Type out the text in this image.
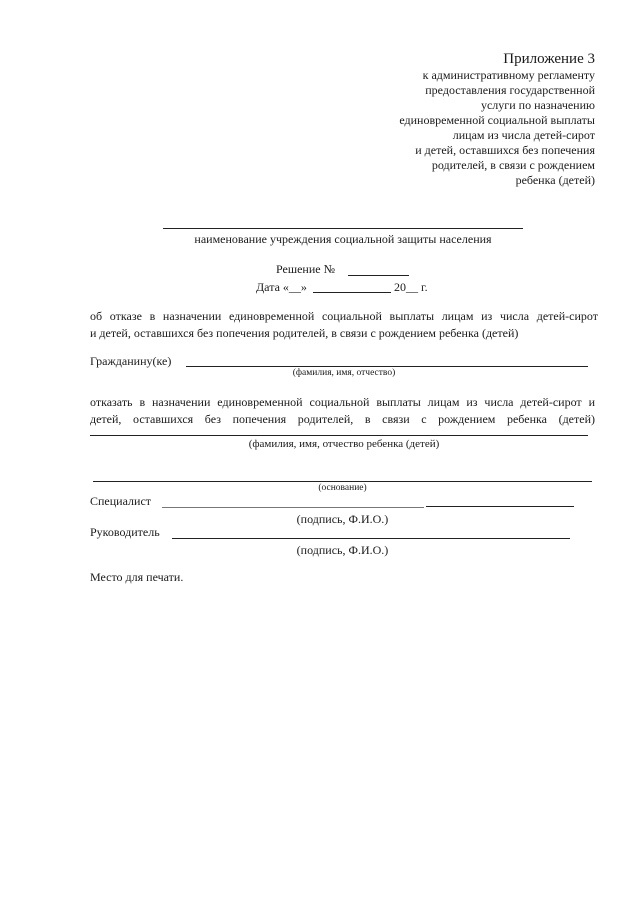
Приложение 3
к административному регламенту
предоставления государственной
услуги по назначению
единовременной социальной выплаты
лицам из числа детей-сирот
и детей, оставшихся без попечения
родителей, в связи с рождением
ребенка (детей)
наименование учреждения социальной защиты населения
Решение №
Дата «__»	20__ г.
об отказе в назначении единовременной социальной выплаты лицам из числа детей-сирот
и детей, оставшихся без попечения родителей, в связи с рождением ребенка (детей)
Гражданину(ке)
(фамилия, имя, отчество)
отказать в назначении единовременной социальной выплаты лицам из числа детей-сирот и
детей, оставшихся без попечения родителей, в связи с рождением ребенка (детей)
(фамилия, имя, отчество ребенка (детей)
(основание)
Специалист
(подпись, Ф.И.О.)
Руководитель
(подпись, Ф.И.О.)
Место для печати.
